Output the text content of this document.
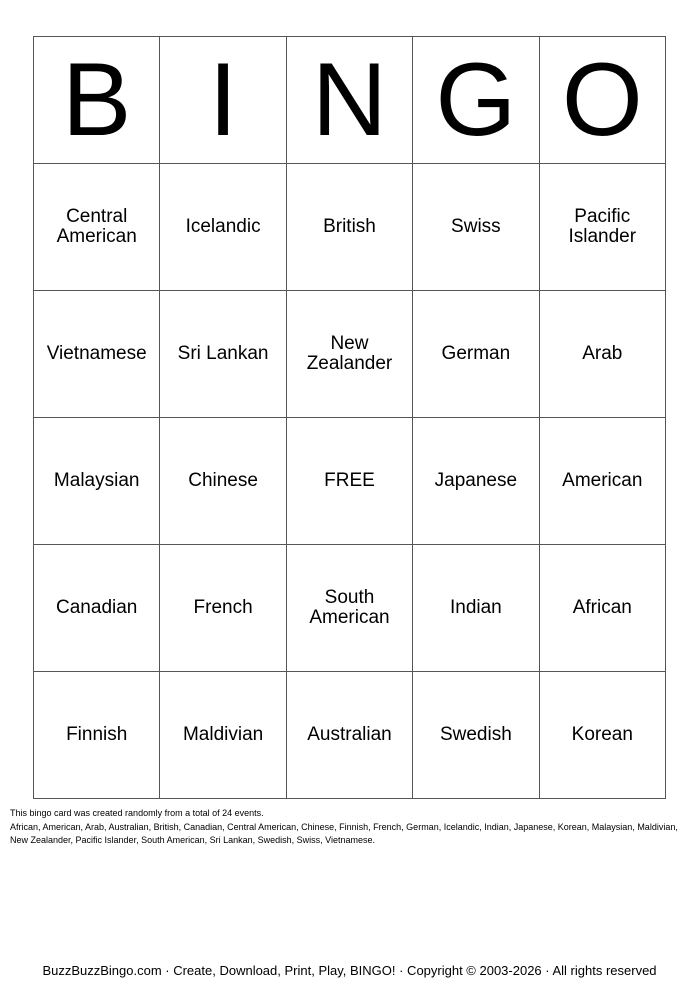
B	I	N	G	O
Central American	Icelandic	British	Swiss	Pacific Islander
Vietnamese	Sri Lankan	New Zealander	German	Arab
Malaysian	Chinese	FREE	Japanese	American
Canadian	French	South American	Indian	African
Finnish	Maldivian	Australian	Swedish	Korean

This bingo card was created randomly from a total of 24 events.

African, American, Arab, Australian, British, Canadian, Central American, Chinese, Finnish, French, German, Icelandic, Indian, Japanese, Korean, Malaysian, Maldivian, New Zealander, Pacific Islander, South American, Sri Lankan, Swedish, Swiss, Vietnamese.

BuzzBuzzBingo.com · Create, Download, Print, Play, BINGO! · Copyright © 2003-2026 · All rights reserved
